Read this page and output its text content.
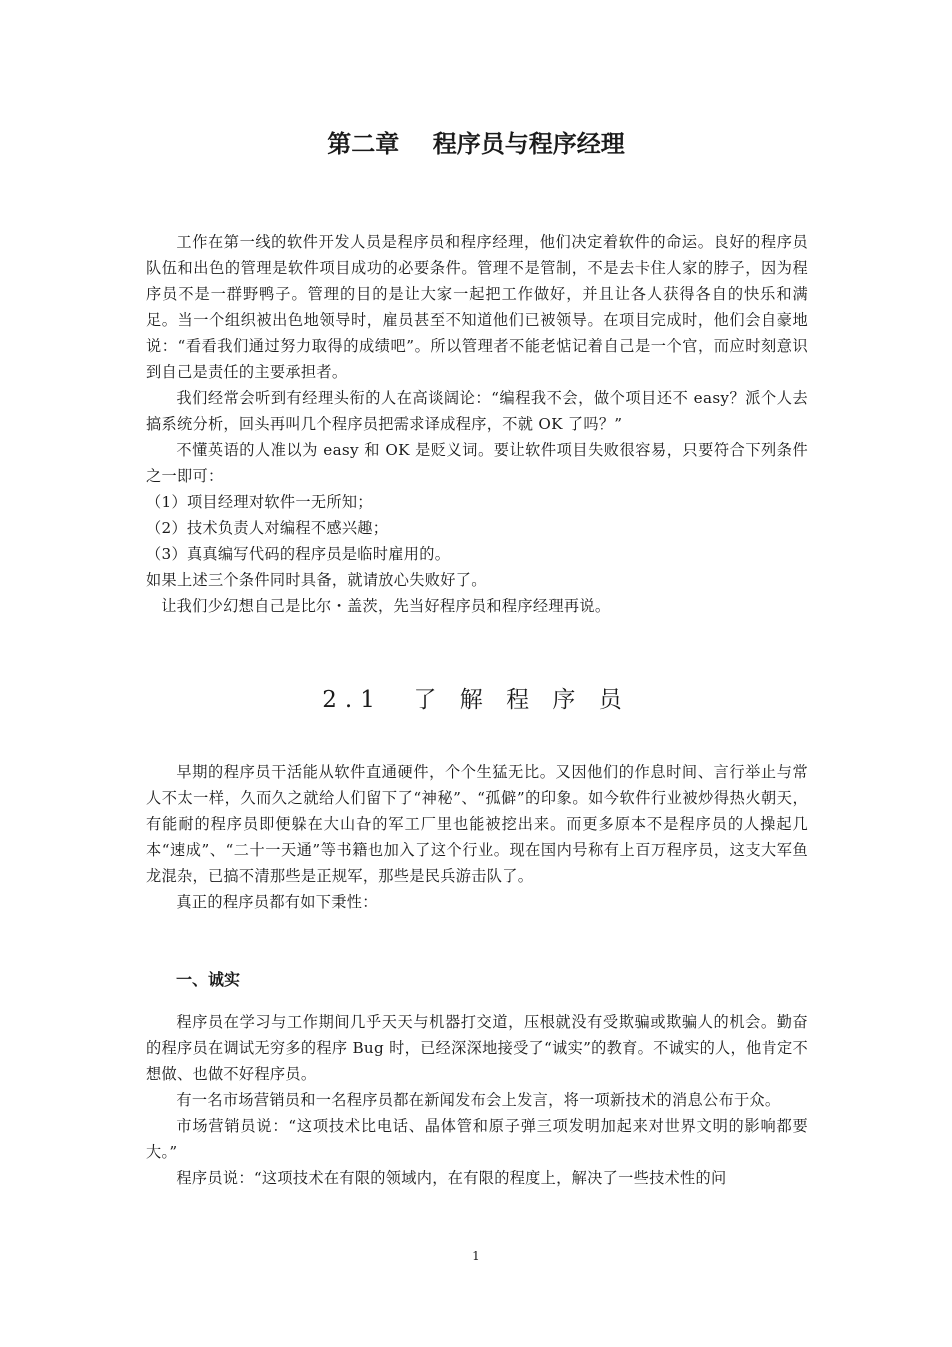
第二章    程序员与程序经理

工作在第一线的软件开发人员是程序员和程序经理，他们决定着软件的命运。良好的程序员队伍和出色的管理是软件项目成功的必要条件。管理不是管制，不是去卡住人家的脖子，因为程序员不是一群野鸭子。管理的目的是让大家一起把工作做好，并且让各人获得各自的快乐和满足。当一个组织被出色地领导时，雇员甚至不知道他们已被领导。在项目完成时，他们会自豪地说：“看看我们通过努力取得的成绩吧”。所以管理者不能老惦记着自己是一个官，而应时刻意识到自己是责任的主要承担者。

我们经常会听到有经理头衔的人在高谈阔论：“编程我不会，做个项目还不 easy？派个人去搞系统分析，回头再叫几个程序员把需求译成程序，不就 OK 了吗？”

不懂英语的人准以为 easy 和 OK 是贬义词。要让软件项目失败很容易，只要符合下列条件之一即可：

（1）项目经理对软件一无所知；

（2）技术负责人对编程不感兴趣；

（3）真真编写代码的程序员是临时雇用的。

如果上述三个条件同时具备，就请放心失败好了。

让我们少幻想自己是比尔・盖茨，先当好程序员和程序经理再说。

2.1  了 解 程 序 员

早期的程序员干活能从软件直通硬件，个个生猛无比。又因他们的作息时间、言行举止与常人不太一样，久而久之就给人们留下了“神秘”、“孤僻”的印象。如今软件行业被炒得热火朝天，有能耐的程序员即便躲在大山旮的军工厂里也能被挖出来。而更多原本不是程序员的人操起几本“速成”、“二十一天通”等书籍也加入了这个行业。现在国内号称有上百万程序员，这支大军鱼龙混杂，已搞不清那些是正规军，那些是民兵游击队了。

真正的程序员都有如下秉性：

一、诚实

程序员在学习与工作期间几乎天天与机器打交道，压根就没有受欺骗或欺骗人的机会。勤奋的程序员在调试无穷多的程序 Bug 时，已经深深地接受了“诚实”的教育。不诚实的人，他肯定不想做、也做不好程序员。

有一名市场营销员和一名程序员都在新闻发布会上发言，将一项新技术的消息公布于众。

市场营销员说：“这项技术比电话、晶体管和原子弹三项发明加起来对世界文明的影响都要大。”

程序员说：“这项技术在有限的领域内，在有限的程度上，解决了一些技术性的问

1
